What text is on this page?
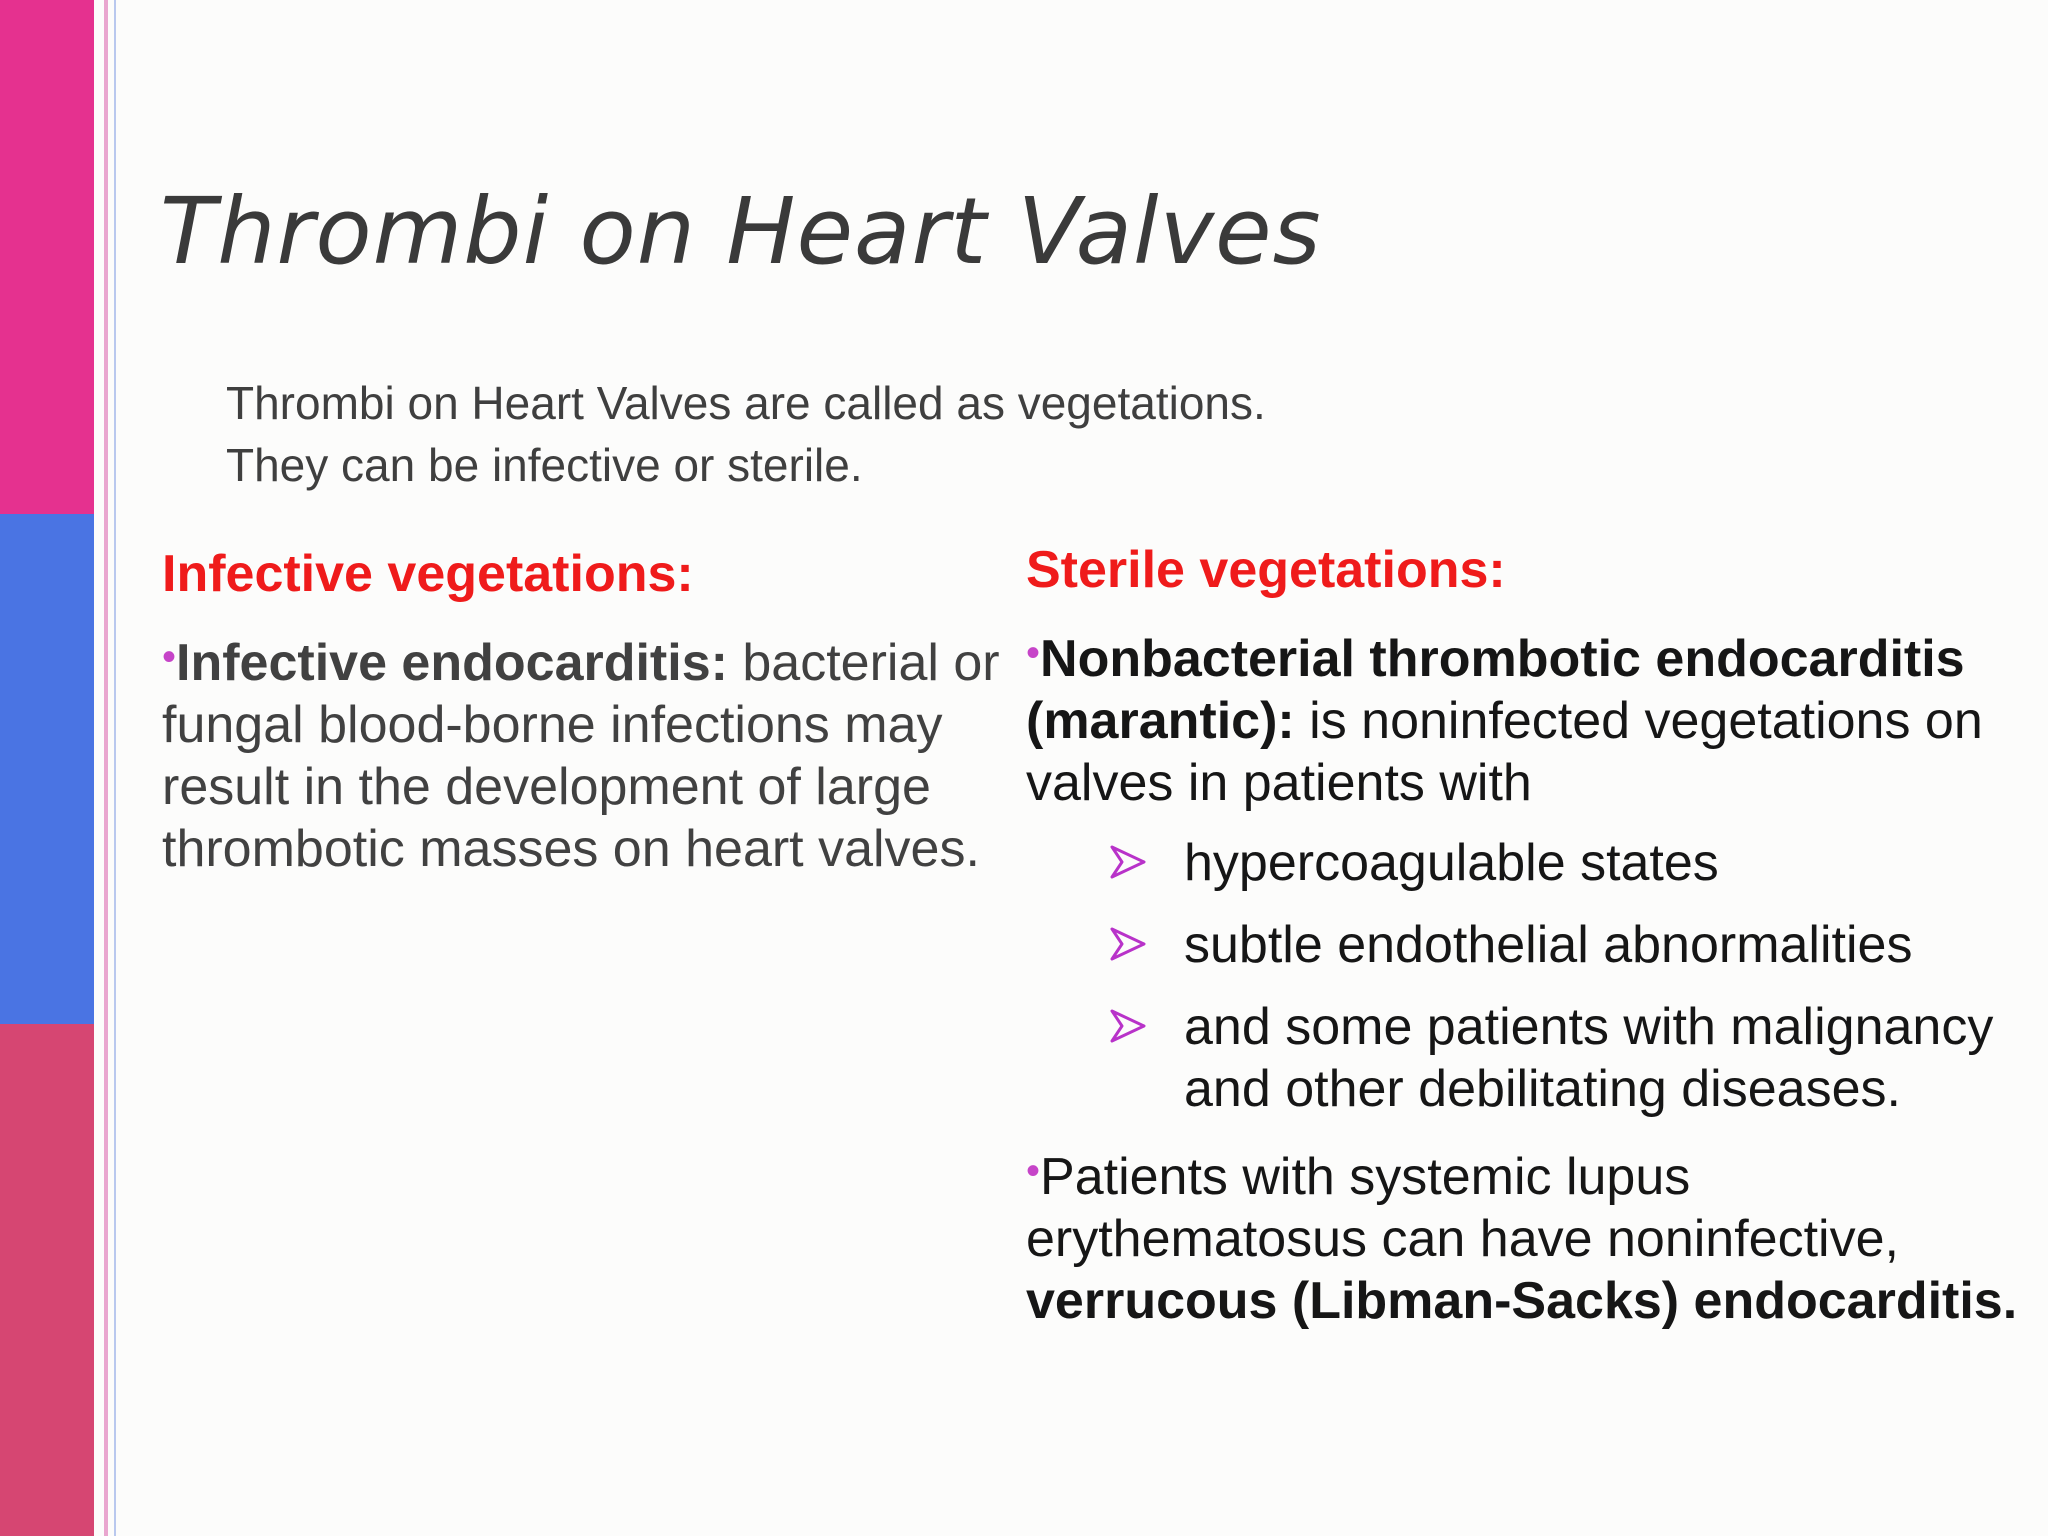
Thrombi on Heart Valves

Thrombi on Heart Valves are called as vegetations.

They can be infective or sterile.

Infective vegetations:

•Infective endocarditis: bacterial or fungal blood-borne infections may result in the development of large thrombotic masses on heart valves.

Sterile vegetations:

•Nonbacterial thrombotic endocarditis (marantic): is noninfected vegetations on valves in patients with

hypercoagulable states
subtle endothelial abnormalities
and some patients with malignancy and other debilitating diseases.

•Patients with systemic lupus erythematosus can have noninfective, verrucous (Libman-Sacks) endocarditis.
